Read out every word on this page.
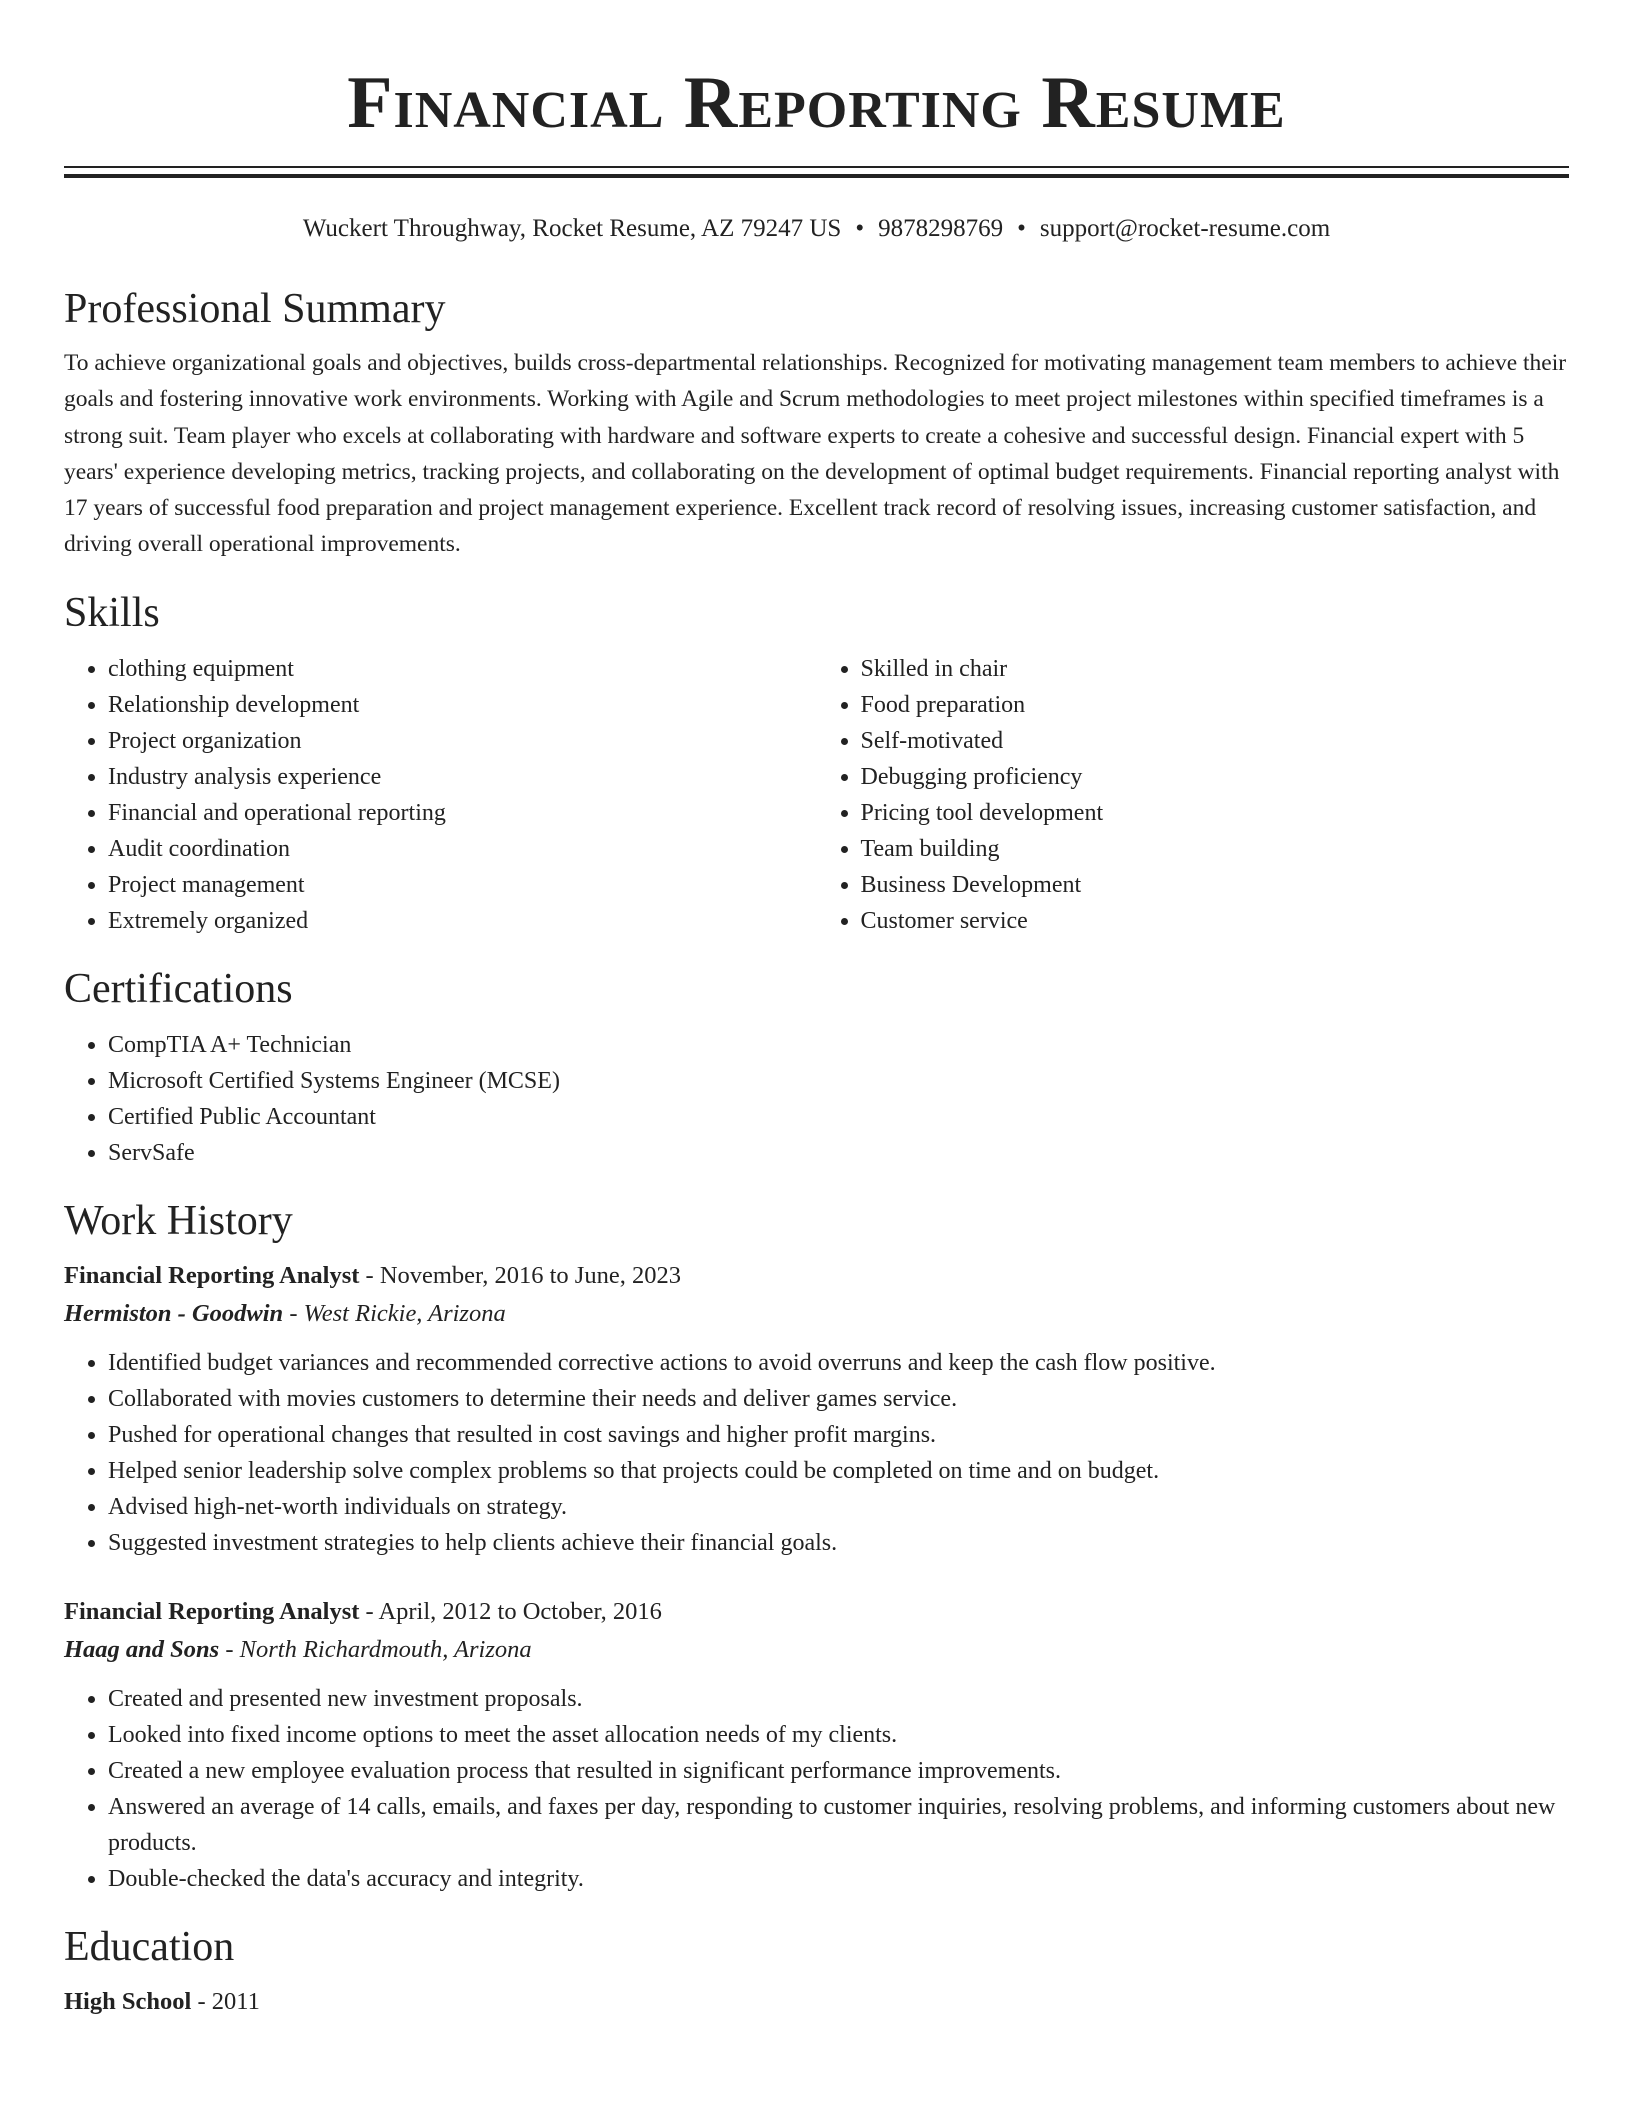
Financial Reporting Resume
Wuckert Throughway, Rocket Resume, AZ 79247 US • 9878298769 • support@rocket-resume.com
Professional Summary

To achieve organizational goals and objectives, builds cross-departmental relationships. Recognized for motivating management team members to achieve their goals and fostering innovative work environments. Working with Agile and Scrum methodologies to meet project milestones within specified timeframes is a strong suit. Team player who excels at collaborating with hardware and software experts to create a cohesive and successful design. Financial expert with 5 years' experience developing metrics, tracking projects, and collaborating on the development of optimal budget requirements. Financial reporting analyst with 17 years of successful food preparation and project management experience. Excellent track record of resolving issues, increasing customer satisfaction, and driving overall operational improvements.

Skills
• clothing equipment
• Relationship development
• Project organization
• Industry analysis experience
• Financial and operational reporting
• Audit coordination
• Project management
• Extremely organized
• Skilled in chair
• Food preparation
• Self-motivated
• Debugging proficiency
• Pricing tool development
• Team building
• Business Development
• Customer service
Certifications
• CompTIA A+ Technician
• Microsoft Certified Systems Engineer (MCSE)
• Certified Public Accountant
• ServSafe
Work History
Financial Reporting Analyst - November, 2016 to June, 2023
Hermiston - Goodwin - West Rickie, Arizona
• Identified budget variances and recommended corrective actions to avoid overruns and keep the cash flow positive.
• Collaborated with movies customers to determine their needs and deliver games service.
• Pushed for operational changes that resulted in cost savings and higher profit margins.
• Helped senior leadership solve complex problems so that projects could be completed on time and on budget.
• Advised high-net-worth individuals on strategy.
• Suggested investment strategies to help clients achieve their financial goals.
Financial Reporting Analyst - April, 2012 to October, 2016
Haag and Sons - North Richardmouth, Arizona
• Created and presented new investment proposals.
• Looked into fixed income options to meet the asset allocation needs of my clients.
• Created a new employee evaluation process that resulted in significant performance improvements.
• Answered an average of 14 calls, emails, and faxes per day, responding to customer inquiries, resolving problems, and informing customers about new products.
• Double-checked the data's accuracy and integrity.
Education
High School - 2011
